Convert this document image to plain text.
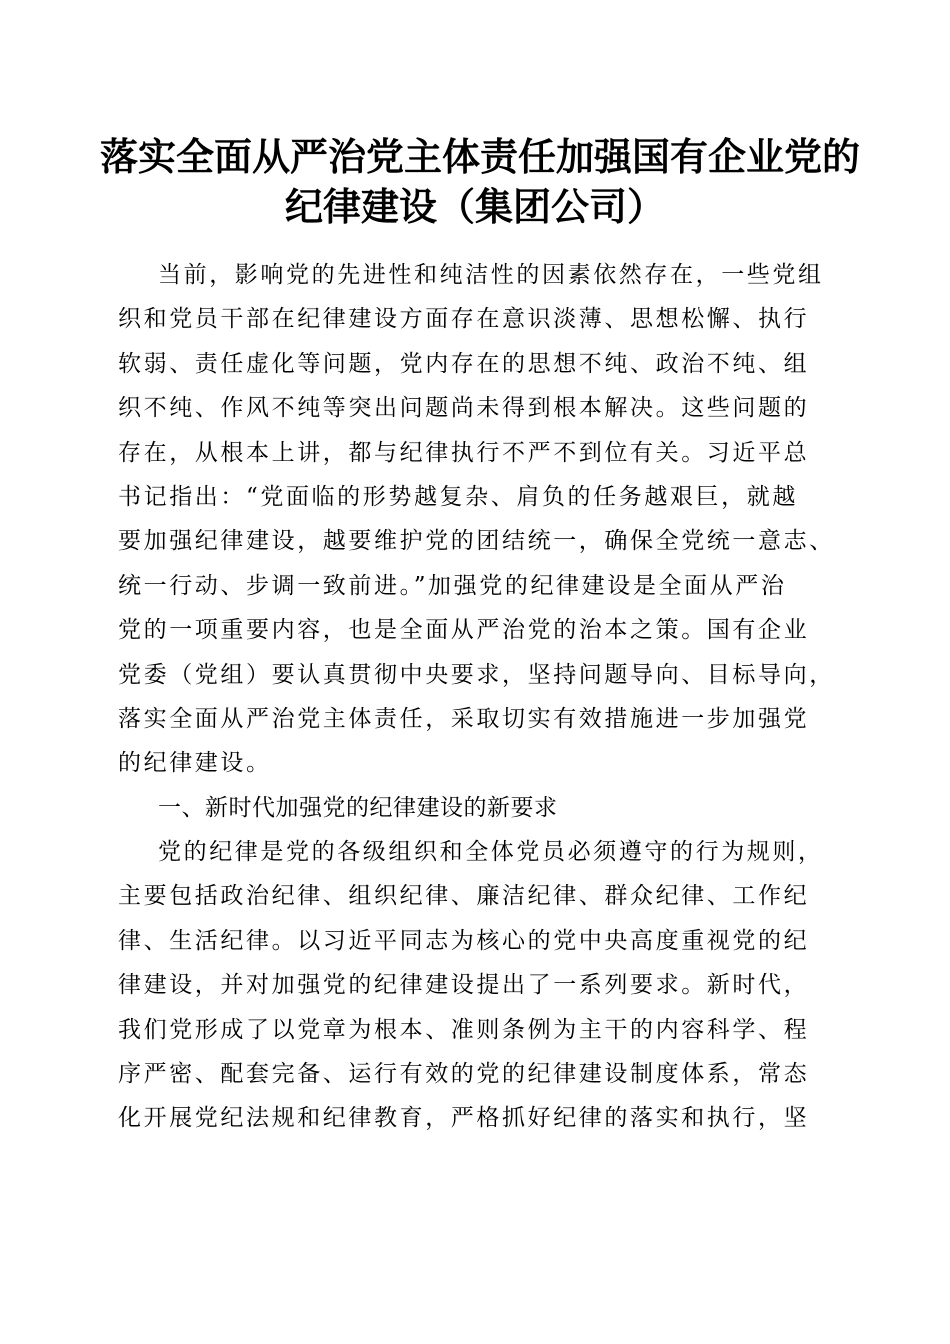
落实全面从严治党主体责任加强国有企业党的
纪律建设（集团公司）
当前，影响党的先进性和纯洁性的因素依然存在，一些党组
织和党员干部在纪律建设方面存在意识淡薄、思想松懈、执行
软弱、责任虚化等问题，党内存在的思想不纯、政治不纯、组
织不纯、作风不纯等突出问题尚未得到根本解决。这些问题的
存在，从根本上讲，都与纪律执行不严不到位有关。习近平总
书记指出：“党面临的形势越复杂、肩负的任务越艰巨，就越
要加强纪律建设，越要维护党的团结统一，确保全党统一意志、
统一行动、步调一致前进。”加强党的纪律建设是全面从严治
党的一项重要内容，也是全面从严治党的治本之策。国有企业
党委（党组）要认真贯彻中央要求，坚持问题导向、目标导向，
落实全面从严治党主体责任，采取切实有效措施进一步加强党
的纪律建设。
一、新时代加强党的纪律建设的新要求
党的纪律是党的各级组织和全体党员必须遵守的行为规则，
主要包括政治纪律、组织纪律、廉洁纪律、群众纪律、工作纪
律、生活纪律。以习近平同志为核心的党中央高度重视党的纪
律建设，并对加强党的纪律建设提出了一系列要求。新时代，
我们党形成了以党章为根本、准则条例为主干的内容科学、程
序严密、配套完备、运行有效的党的纪律建设制度体系，常态
化开展党纪法规和纪律教育，严格抓好纪律的落实和执行，坚
